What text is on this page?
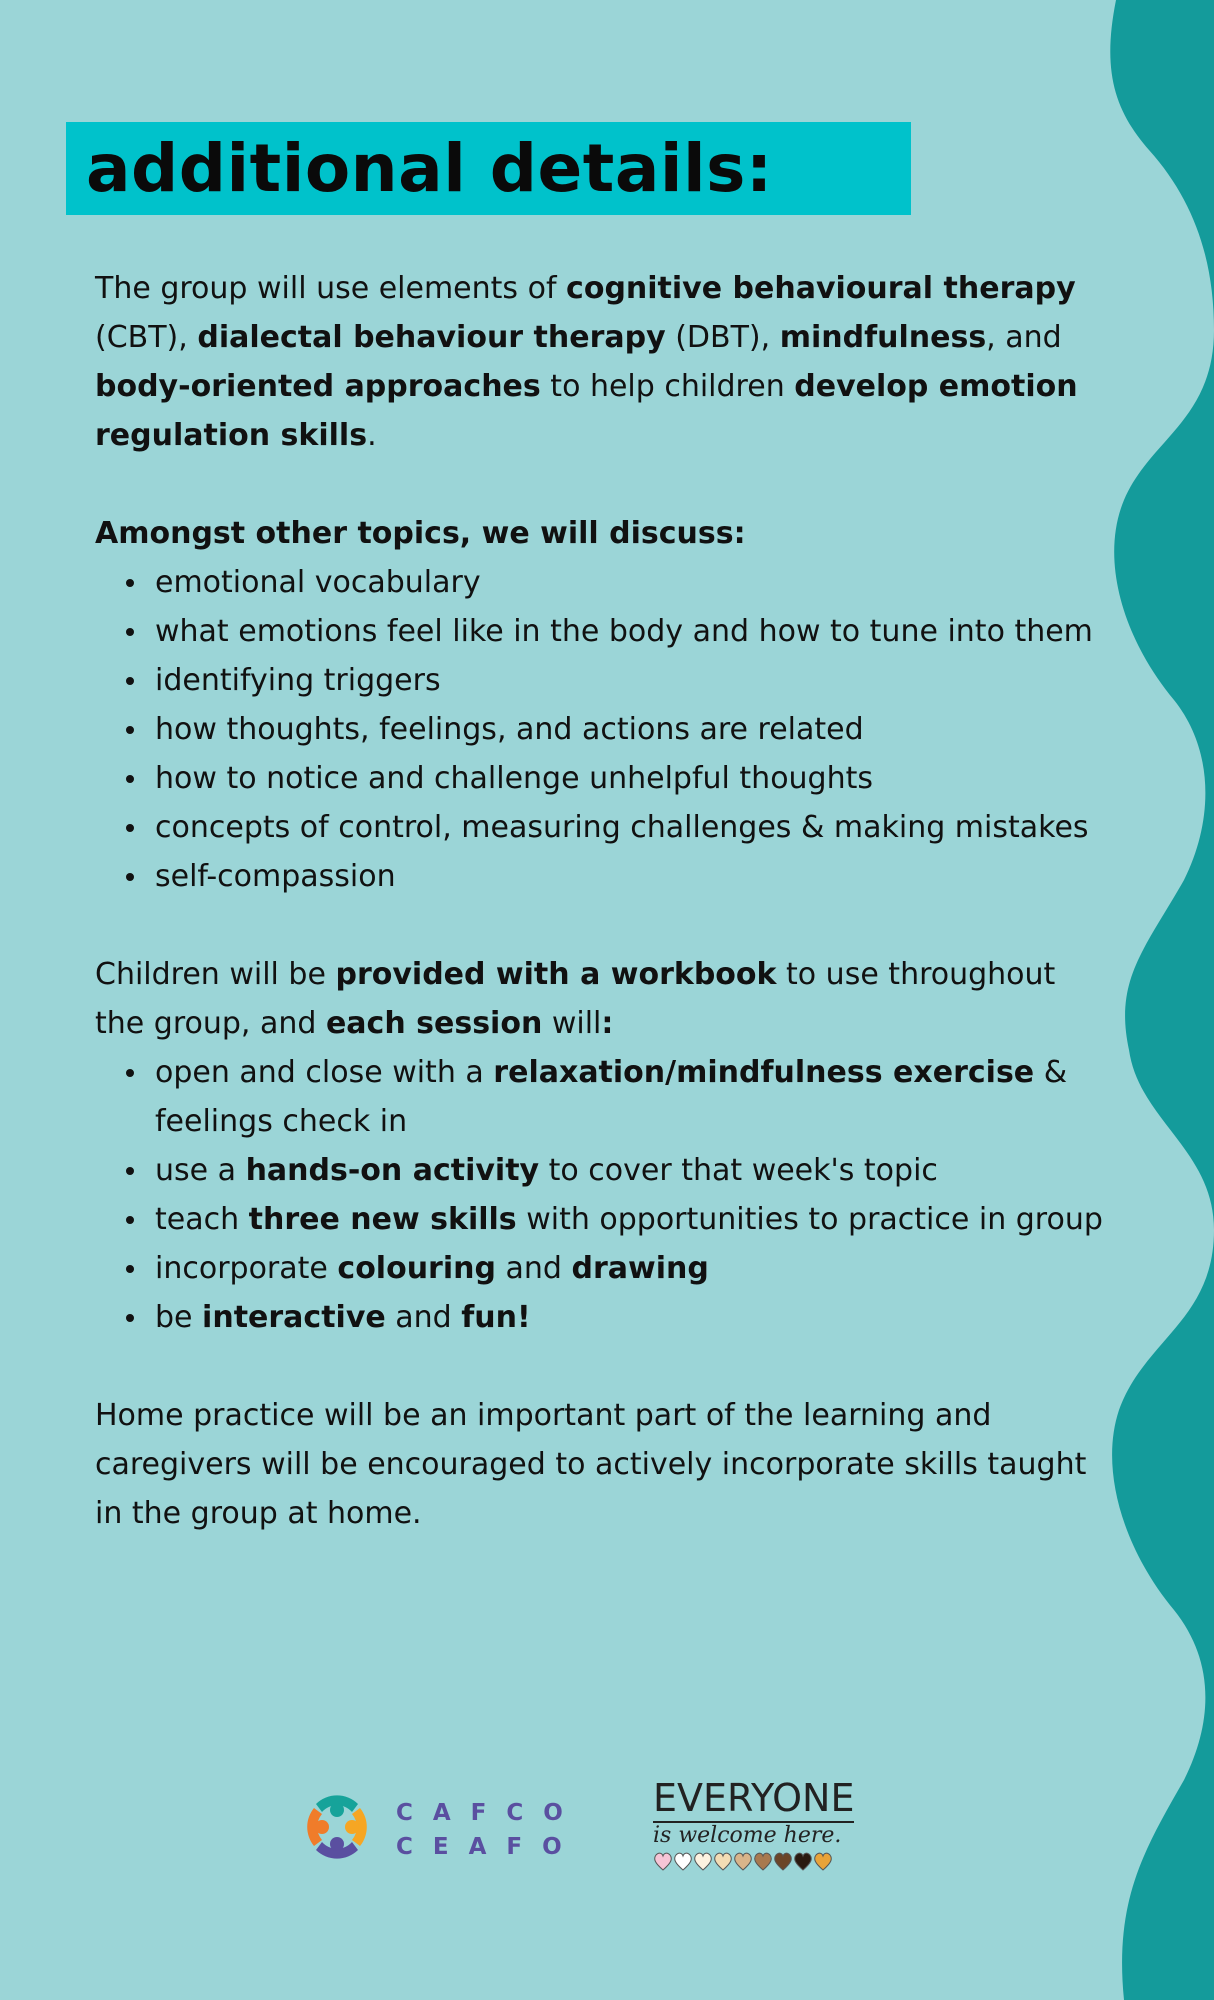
additional details:

The group will use elements of cognitive behavioural therapy (CBT), dialectal behaviour therapy (DBT), mindfulness, and body-oriented approaches to help children develop emotion regulation skills.

Amongst other topics, we will discuss:

emotional vocabulary
what emotions feel like in the body and how to tune into them
identifying triggers
how thoughts, feelings, and actions are related
how to notice and challenge unhelpful thoughts
concepts of control, measuring challenges & making mistakes
self-compassion

Children will be provided with a workbook to use throughout the group, and each session will:

open and close with a relaxation/mindfulness exercise & feelings check in
use a hands-on activity to cover that week's topic
teach three new skills with opportunities to practice in group
incorporate colouring and drawing
be interactive and fun!

Home practice will be an important part of the learning and caregivers will be encouraged to actively incorporate skills taught in the group at home.

CAFCO
CEAFO
EVERYONE
is welcome here.
